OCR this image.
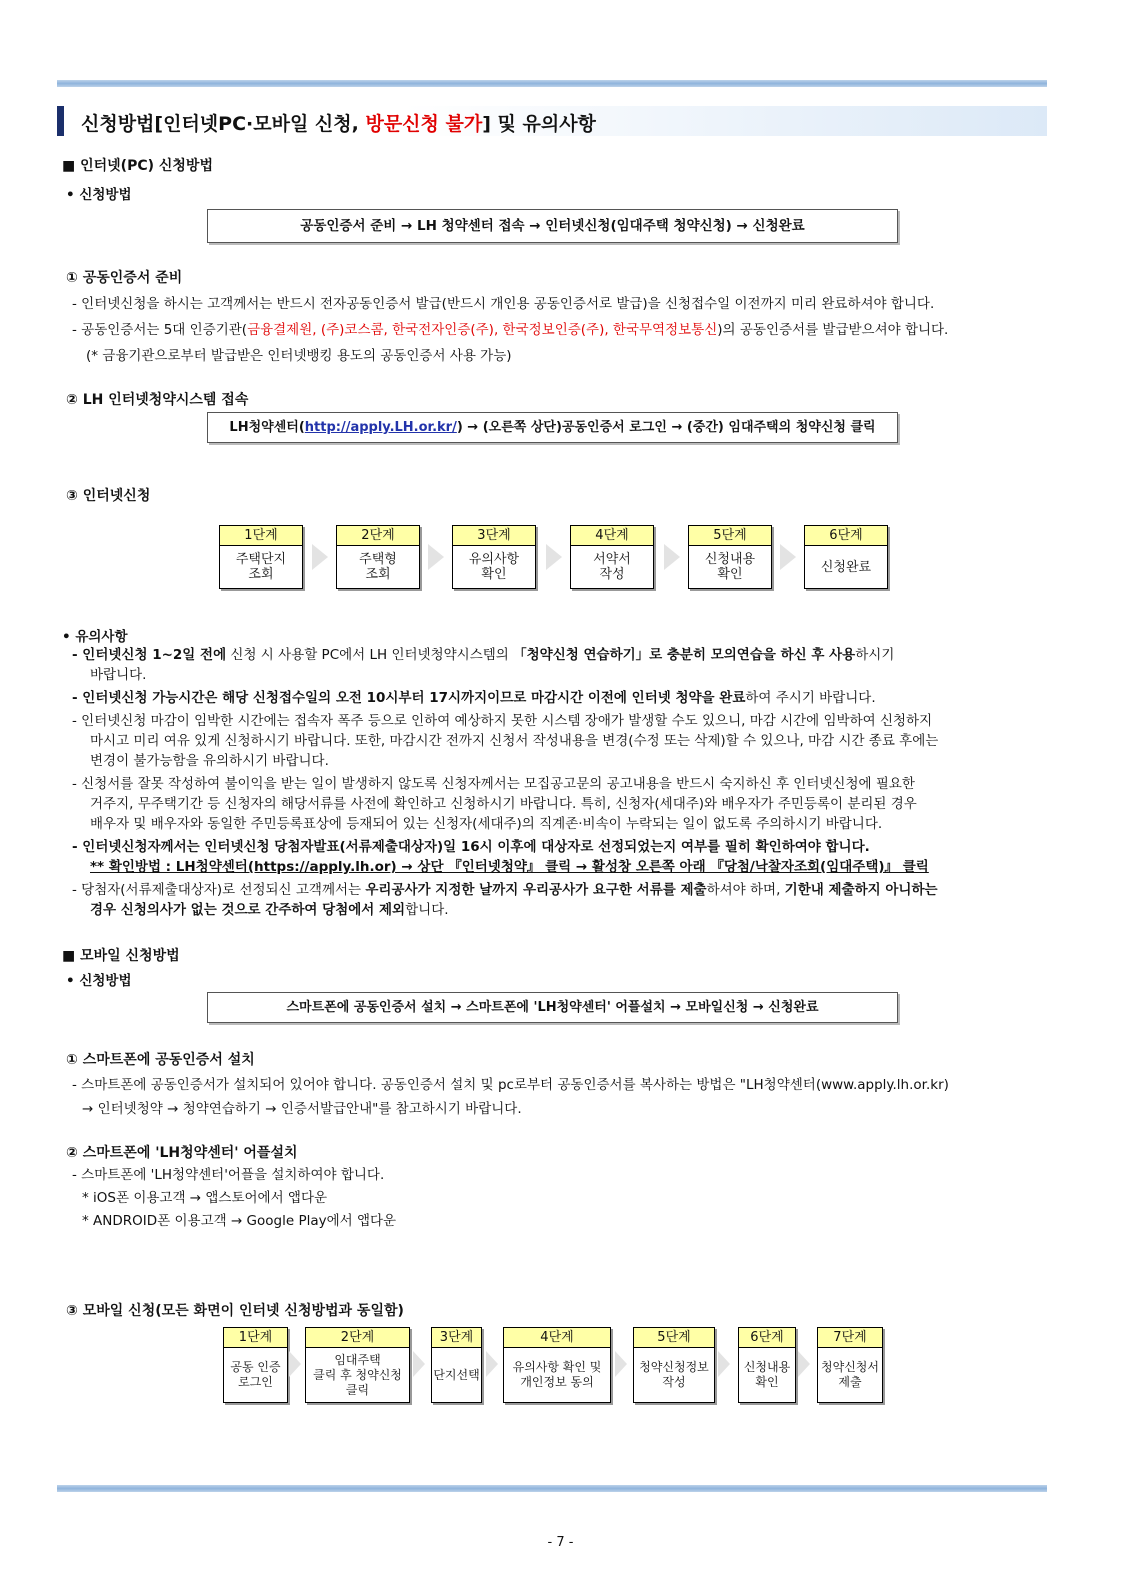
신청방법[인터넷PC·모바일 신청, 방문신청 불가] 및 유의사항
■ 인터넷(PC) 신청방법
• 신청방법
공동인증서 준비 → LH 청약센터 접속 → 인터넷신청(임대주택 청약신청) → 신청완료
① 공동인증서 준비
- 인터넷신청을 하시는 고객께서는 반드시 전자공동인증서 발급(반드시 개인용 공동인증서로 발급)을 신청접수일 이전까지 미리 완료하셔야 합니다.
- 공동인증서는 5대 인증기관(금융결제원, (주)코스콤, 한국전자인증(주), 한국정보인증(주), 한국무역정보통신)의 공동인증서를 발급받으셔야 합니다.
(* 금융기관으로부터 발급받은 인터넷뱅킹 용도의 공동인증서 사용 가능)
② LH 인터넷청약시스템 접속
LH청약센터(http://apply.LH.or.kr/) → (오른쪽 상단)공동인증서 로그인 → (중간) 임대주택의 청약신청 클릭
③ 인터넷신청
1단계
주택단지
조회
2단계
주택형
조회
3단계
유의사항
확인
4단계
서약서
작성
5단계
신청내용
확인
6단계
신청완료
• 유의사항
- 인터넷신청 1~2일 전에 신청 시 사용할 PC에서 LH 인터넷청약시스템의 「청약신청 연습하기」로 충분히 모의연습을 하신 후 사용하시기
바랍니다.
- 인터넷신청 가능시간은 해당 신청접수일의 오전 10시부터 17시까지이므로 마감시간 이전에 인터넷 청약을 완료하여 주시기 바랍니다.
- 인터넷신청 마감이 임박한 시간에는 접속자 폭주 등으로 인하여 예상하지 못한 시스템 장애가 발생할 수도 있으니, 마감 시간에 임박하여 신청하지
마시고 미리 여유 있게 신청하시기 바랍니다. 또한, 마감시간 전까지 신청서 작성내용을 변경(수정 또는 삭제)할 수 있으나, 마감 시간 종료 후에는
변경이 불가능함을 유의하시기 바랍니다.
- 신청서를 잘못 작성하여 불이익을 받는 일이 발생하지 않도록 신청자께서는 모집공고문의 공고내용을 반드시 숙지하신 후 인터넷신청에 필요한
거주지, 무주택기간 등 신청자의 해당서류를 사전에 확인하고 신청하시기 바랍니다. 특히, 신청자(세대주)와 배우자가 주민등록이 분리된 경우
배우자 및 배우자와 동일한 주민등록표상에 등재되어 있는 신청자(세대주)의 직계존·비속이 누락되는 일이 없도록 주의하시기 바랍니다.
- 인터넷신청자께서는 인터넷신청 당첨자발표(서류제출대상자)일 16시 이후에 대상자로 선정되었는지 여부를 필히 확인하여야 합니다.
** 확인방법 : LH청약센터(https://apply.lh.or) → 상단 『인터넷청약』 클릭 → 활성창 오른쪽 아래 『당첨/낙찰자조회(임대주택)』 클릭
- 당첨자(서류제출대상자)로 선정되신 고객께서는 우리공사가 지정한 날까지 우리공사가 요구한 서류를 제출하셔야 하며, 기한내 제출하지 아니하는
경우 신청의사가 없는 것으로 간주하여 당첨에서 제외합니다.
■ 모바일 신청방법
• 신청방법
스마트폰에 공동인증서 설치 → 스마트폰에 'LH청약센터' 어플설치 → 모바일신청 → 신청완료
① 스마트폰에 공동인증서 설치
- 스마트폰에 공동인증서가 설치되어 있어야 합니다. 공동인증서 설치 및 pc로부터 공동인증서를 복사하는 방법은 "LH청약센터(www.apply.lh.or.kr)
→ 인터넷청약 → 청약연습하기 → 인증서발급안내"를 참고하시기 바랍니다.
② 스마트폰에 'LH청약센터' 어플설치
- 스마트폰에 'LH청약센터'어플을 설치하여야 합니다.
* iOS폰 이용고객 → 앱스토어에서 앱다운
* ANDROID폰 이용고객 → Google Play에서 앱다운
③ 모바일 신청(모든 화면이 인터넷 신청방법과 동일함)
1단계
공동 인증
로그인
2단계
임대주택
클릭 후 청약신청
클릭
3단계
단지선택
4단계
유의사항 확인 및
개인정보 동의
5단계
청약신청정보
작성
6단계
신청내용
확인
7단계
청약신청서
제출
- 7 -
